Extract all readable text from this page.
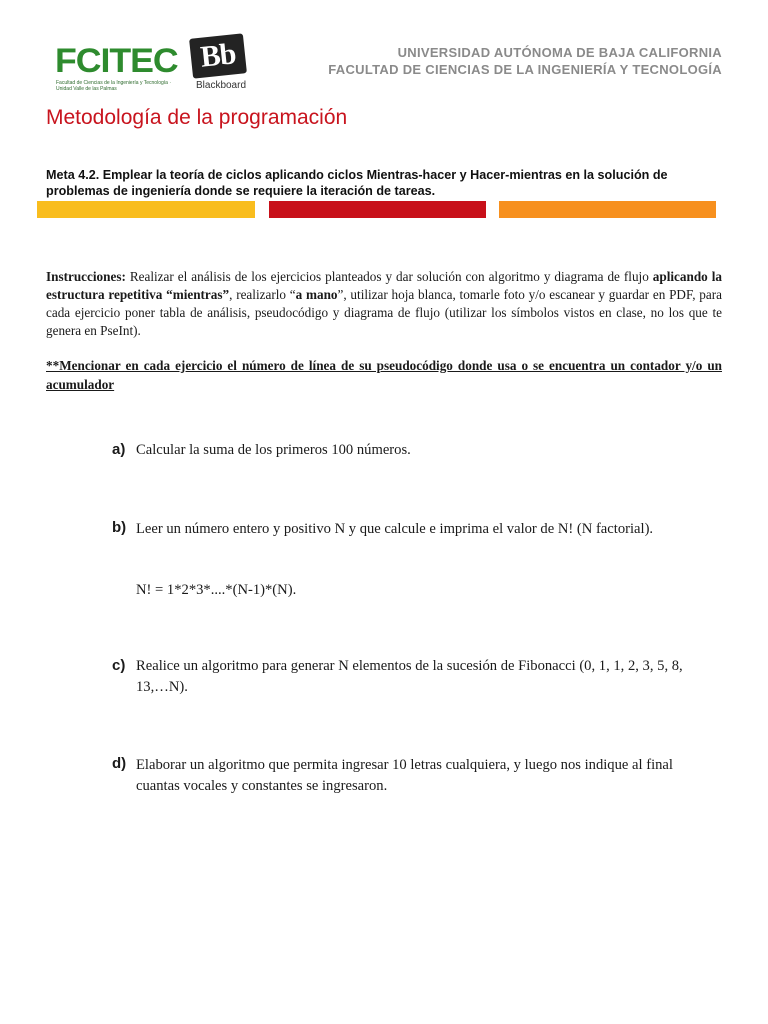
FCITEC
Facultad de Ciencias de la Ingeniería y Tecnología · Unidad Valle de las Palmas
Bb
Blackboard
UNIVERSIDAD AUTÓNOMA DE BAJA CALIFORNIA
FACULTAD DE CIENCIAS DE LA INGENIERÍA Y TECNOLOGÍA
Metodología de la programación
Meta 4.2. Emplear la teoría de ciclos aplicando ciclos Mientras-hacer y Hacer-mientras en la solución de problemas de ingeniería donde se requiere la iteración de tareas.
Instrucciones: Realizar el análisis de los ejercicios planteados y dar solución con algoritmo y diagrama de flujo aplicando la estructura repetitiva “mientras”, realizarlo “a mano”, utilizar hoja blanca, tomarle foto y/o escanear y guardar en PDF, para cada ejercicio poner tabla de análisis, pseudocódigo y diagrama de flujo (utilizar los símbolos vistos en clase, no los que te genera en PseInt).
**Mencionar en cada ejercicio el número de línea de su pseudocódigo donde usa o se encuentra un contador y/o un acumulador
a) Calcular la suma de los primeros 100 números.
b) Leer un número entero y positivo N y que calcule e imprima el valor de N! (N factorial).
N! = 1*2*3*....*(N-1)*(N).
c) Realice un algoritmo para generar N elementos de la sucesión de Fibonacci (0, 1, 1, 2, 3, 5, 8, 13,…N).
d) Elaborar un algoritmo que permita ingresar 10 letras cualquiera, y luego nos indique al final cuantas vocales y constantes se ingresaron.
